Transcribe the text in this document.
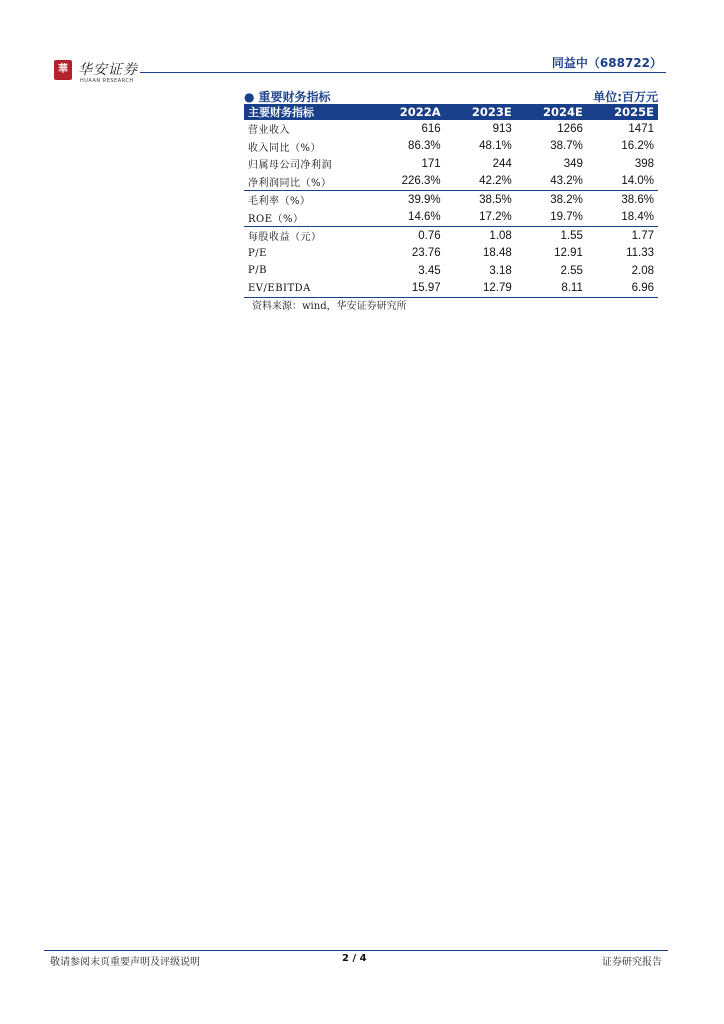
華 华安证券
HUAAN RESEARCH
同益中（688722）
● 重要财务指标	单位:百万元
主要财务指标	2022A	2023E	2024E	2025E
营业收入	616	913	1266	1471
收入同比（%）	86.3%	48.1%	38.7%	16.2%
归属母公司净利润	171	244	349	398
净利润同比（%）	226.3%	42.2%	43.2%	14.0%
毛利率（%）	39.9%	38.5%	38.2%	38.6%
ROE（%）	14.6%	17.2%	19.7%	18.4%
每股收益（元）	0.76	1.08	1.55	1.77
P/E	23.76	18.48	12.91	11.33
P/B	3.45	3.18	2.55	2.08
EV/EBITDA	15.97	12.79	8.11	6.96
资料来源：wind，华安证券研究所
敬请参阅末页重要声明及评级说明	2 / 4	证券研究报告
